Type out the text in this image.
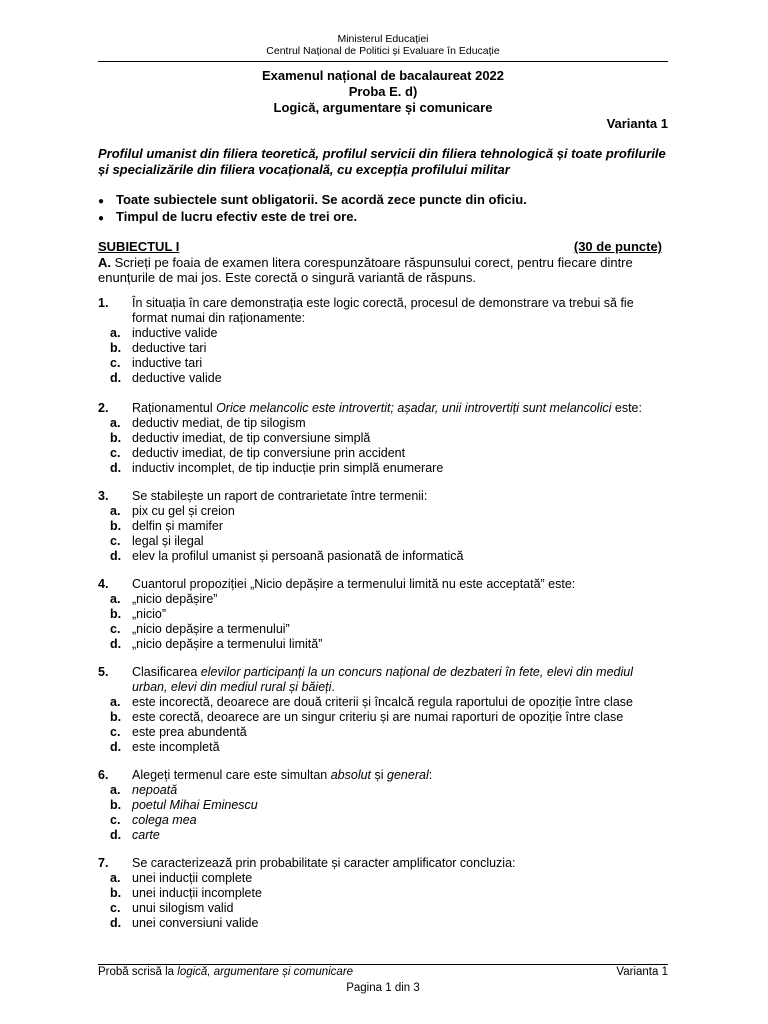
Ministerul Educației
Centrul Național de Politici și Evaluare în Educație
Examenul național de bacalaureat 2022
Proba E. d)
Logică, argumentare și comunicare
Varianta 1
Profilul umanist din filiera teoretică, profilul servicii din filiera tehnologică și toate profilurile și specializările din filiera vocațională, cu excepția profilului militar
● Toate subiectele sunt obligatorii. Se acordă zece puncte din oficiu.
● Timpul de lucru efectiv este de trei ore.
SUBIECTUL I	(30 de puncte)
A. Scrieți pe foaia de examen litera corespunzătoare răspunsului corect, pentru fiecare dintre enunțurile de mai jos. Este corectă o singură variantă de răspuns.
1.	În situația în care demonstrația este logic corectă, procesul de demonstrare va trebui să fie format numai din raționamente:
a. inductive valide
b. deductive tari
c. inductive tari
d. deductive valide
2.	Raționamentul Orice melancolic este introvertit; așadar, unii introvertiți sunt melancolici este:
a. deductiv mediat, de tip silogism
b. deductiv imediat, de tip conversiune simplă
c. deductiv imediat, de tip conversiune prin accident
d. inductiv incomplet, de tip inducție prin simplă enumerare
3.	Se stabilește un raport de contrarietate între termenii:
a. pix cu gel și creion
b. delfin și mamifer
c. legal și ilegal
d. elev la profilul umanist și persoană pasionată de informatică
4.	Cuantorul propoziției „Nicio depășire a termenului limită nu este acceptată” este:
a. „nicio depășire”
b. „nicio”
c. „nicio depășire a termenului”
d. „nicio depășire a termenului limită”
5.	Clasificarea elevilor participanți la un concurs național de dezbateri în fete, elevi din mediul urban, elevi din mediul rural și băieți.
a. este incorectă, deoarece are două criterii și încalcă regula raportului de opoziție între clase
b. este corectă, deoarece are un singur criteriu și are numai raporturi de opoziție între clase
c. este prea abundentă
d. este incompletă
6.	Alegeți termenul care este simultan absolut și general:
a. nepoată
b. poetul Mihai Eminescu
c. colega mea
d. carte
7.	Se caracterizează prin probabilitate și caracter amplificator concluzia:
a. unei inducții complete
b. unei inducții incomplete
c. unui silogism valid
d. unei conversiuni valide
Probă scrisă la logică, argumentare și comunicare	Varianta 1
Pagina 1 din 3
